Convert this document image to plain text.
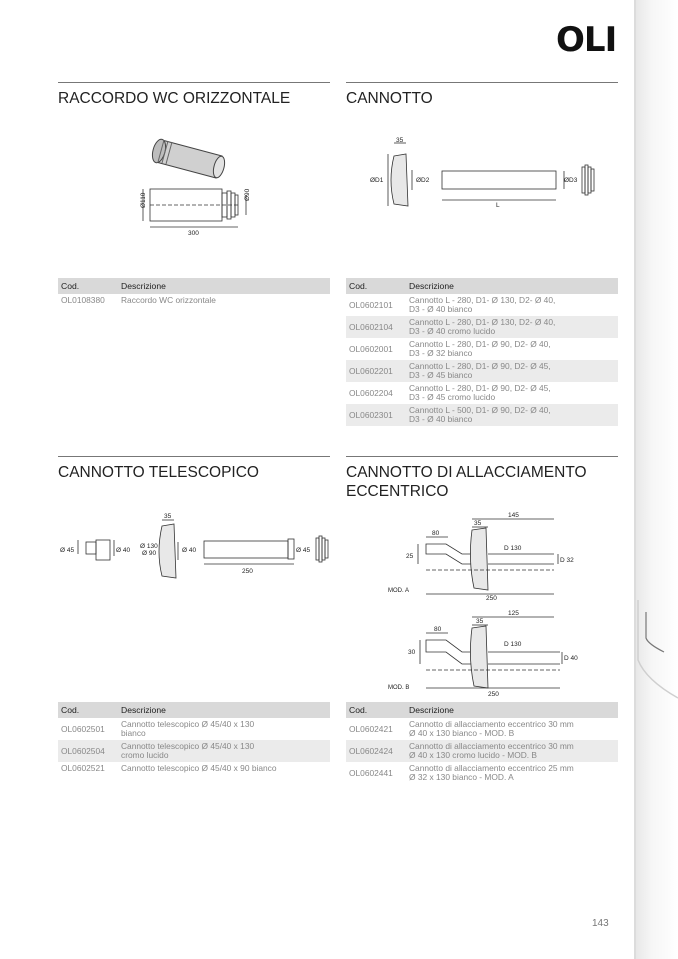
OLI
RACCORDO WC ORIZZONTALE
Ø110	Ø90
300
Cod.	Descrizione
OL0108380	Raccordo WC orizzontale
CANNOTTO
35
ØD1	ØD2
L
ØD3
Cod.	Descrizione
OL0602101	Cannotto L - 280, D1- Ø 130, D2- Ø 40,
D3 - Ø 40 bianco
OL0602104	Cannotto L - 280, D1- Ø 130, D2- Ø 40,
D3 - Ø 40 cromo lucido
OL0602001	Cannotto L - 280, D1- Ø 90, D2- Ø 40,
D3 - Ø 32 bianco
OL0602201	Cannotto L - 280, D1- Ø 90, D2- Ø 45,
D3 - Ø 45 bianco
OL0602204	Cannotto L - 280, D1- Ø 90, D2- Ø 45,
D3 - Ø 45 cromo lucido
OL0602301	Cannotto L - 500, D1- Ø 90, D2- Ø 40,
D3 - Ø 40 bianco
CANNOTTO TELESCOPICO
Ø 45	Ø 40
35
Ø 130
Ø 90	Ø 40
250
Ø 45
Cod.	Descrizione
OL0602501	Cannotto telescopico Ø 45/40 x 130
bianco
OL0602504	Cannotto telescopico Ø 45/40 x 130
cromo lucido
OL0602521	Cannotto telescopico Ø 45/40 x 90 bianco
CANNOTTO DI ALLACCIAMENTO
ECCENTRICO
145
80
35
D 130
25
D 32
250
MOD. A
125
80
35
D 130
30
D 40
250
MOD. B
Cod.	Descrizione
OL0602421	Cannotto di allacciamento eccentrico 30 mm
Ø 40 x 130 bianco - MOD. B
OL0602424	Cannotto di allacciamento eccentrico 30 mm
Ø 40 x 130 cromo lucido - MOD. B
OL0602441	Cannotto di allacciamento eccentrico 25 mm
Ø 32 x 130 bianco - MOD. A
143
